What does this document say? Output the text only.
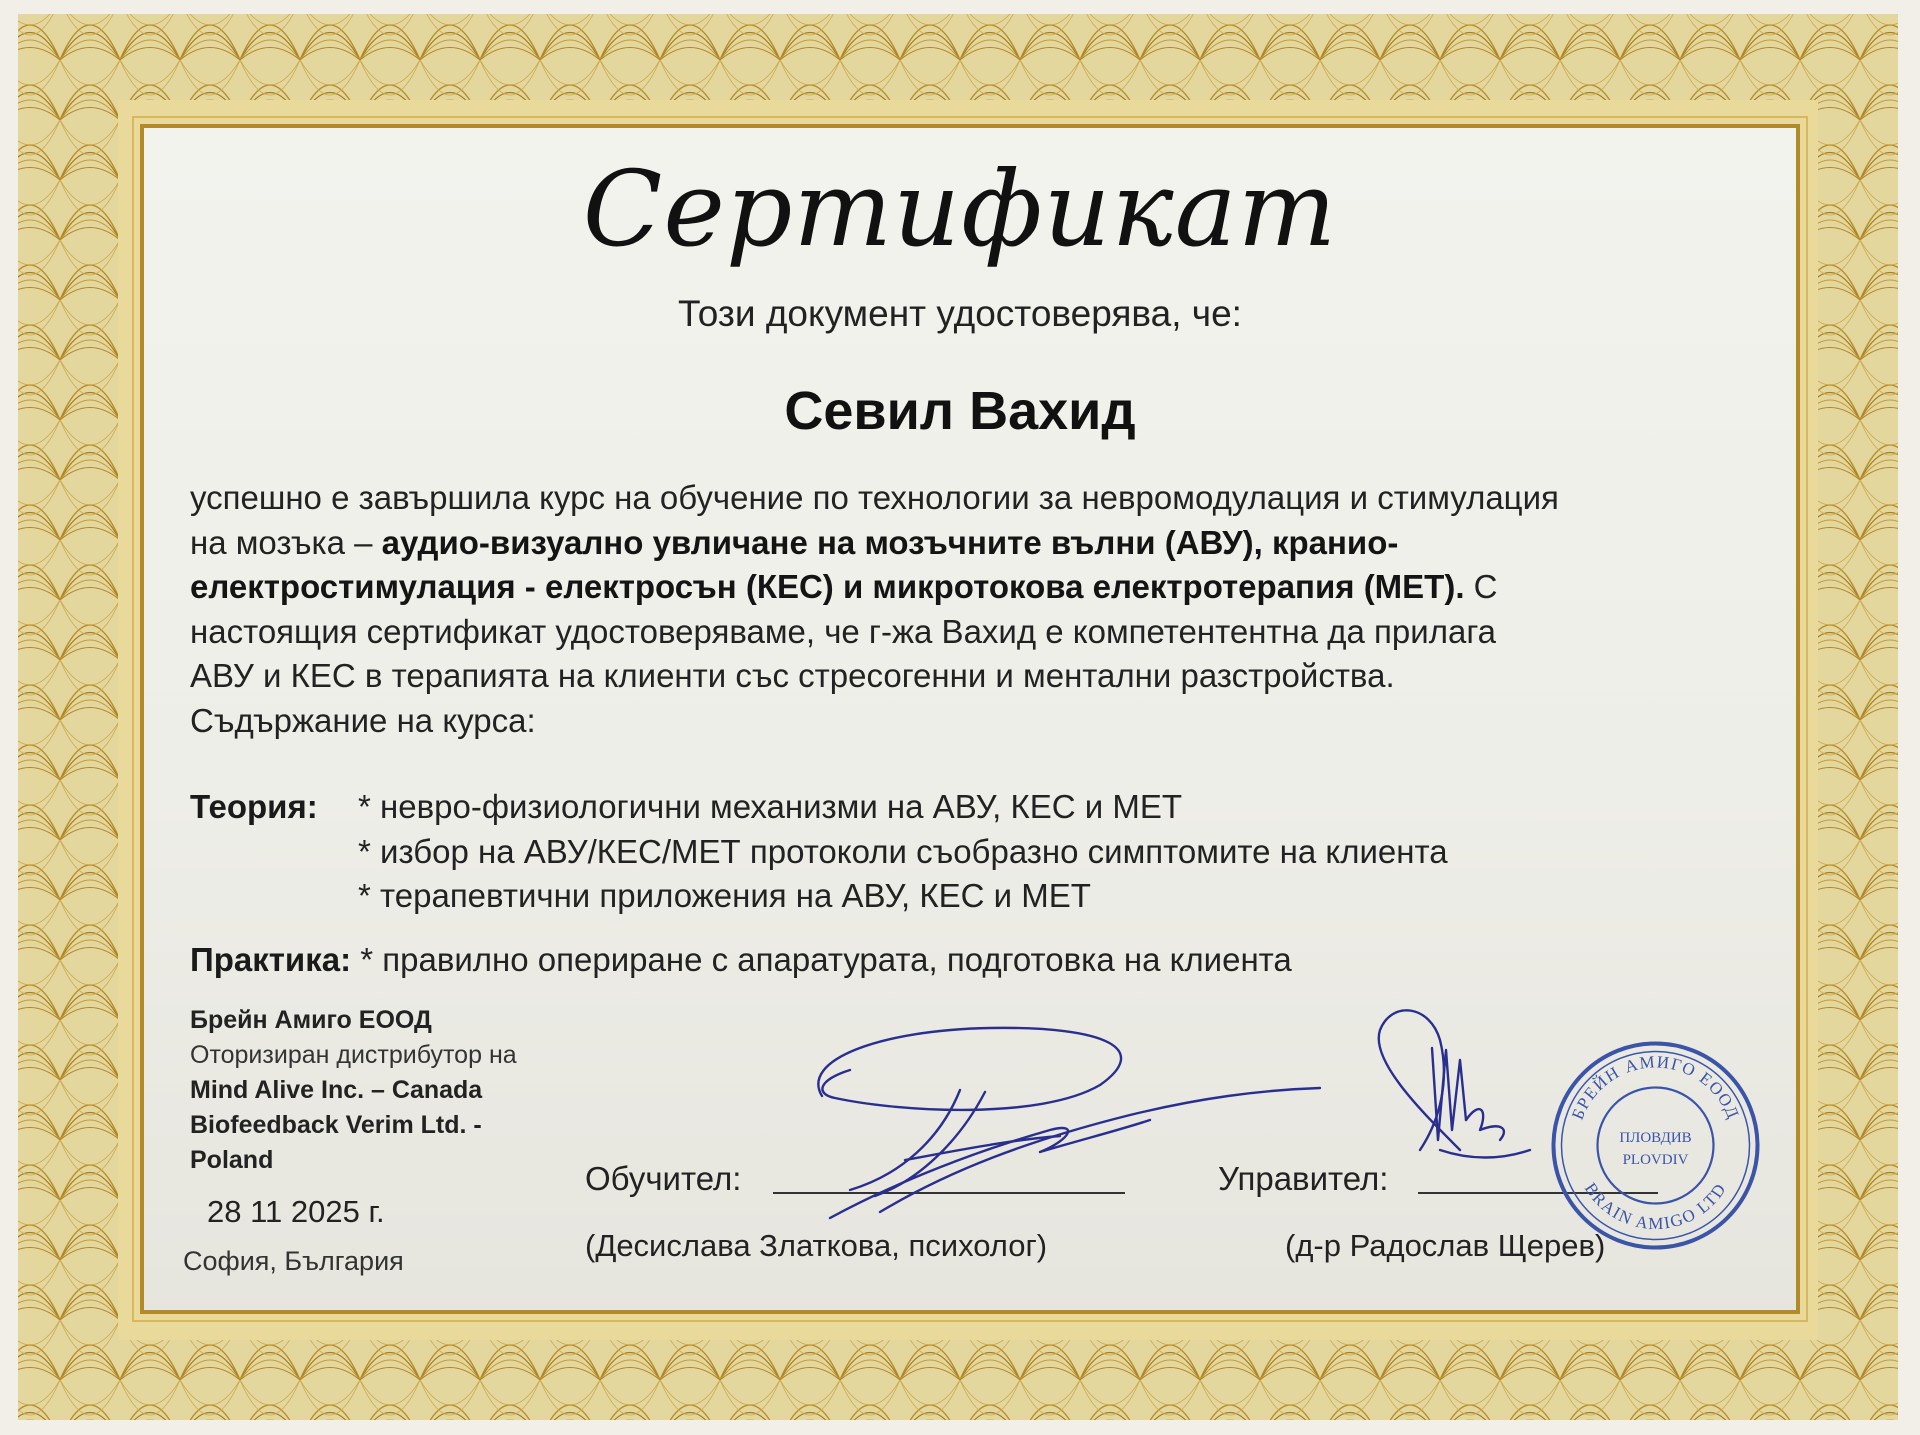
Сертификат
Този документ удостоверява, че:
Севил Вахид
успешно е завършила курс на обучение по технологии за невромодулация и стимулация
на мозъка – аудио-визуално увличане на мозъчните вълни (АВУ), кранио-
електростимулация - електросън (КЕС) и микротокова електротерапия (МЕТ). С
настоящия сертификат удостоверяваме, че г-жа Вахид е компетентентна да прилага
АВУ и КЕС в терапията на клиенти със стресогенни и ментални разстройства.
Съдържание на курса:
Теория:	* невро-физиологични механизми на АВУ, КЕС и МЕТ
* избор на АВУ/КЕС/МЕТ протоколи съобразно симптомите на клиента
* терапевтични приложения на АВУ, КЕС и МЕТ
Практика: * правилно опериране с апаратурата, подготовка на клиента
Брейн Амиго ЕООД
Оторизиран дистрибутор на
Mind Alive Inc. – Canada
Biofeedback Verim Ltd. -
Poland
28 11 2025 г.
София, България
Обучител:
(Десислава Златкова, психолог)
Управител:
(д-р Радослав Щерев)
БРЕЙН АМИГО ЕООД
BRAIN AMIGO LTD
ПЛОВДИВ
PLOVDIV
